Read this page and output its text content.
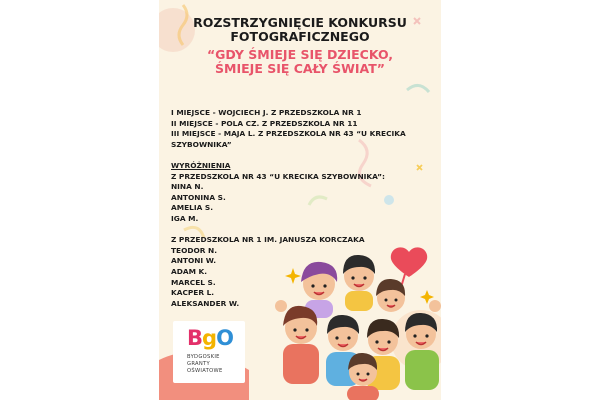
ROZSTRZYGNIĘCIE KONKURSU
FOTOGRAFICZNEGO
“GDY ŚMIEJE SIĘ DZIECKO,
ŚMIEJE SIĘ CAŁY ŚWIAT”
I MIEJSCE - WOJCIECH J. Z PRZEDSZKOLA NR 1
II MIEJSCE - POLA CZ. Z PRZEDSZKOLA NR 11
III MIEJSCE - MAJA L. Z PRZEDSZKOLA NR 43 “U KRECIKA SZYBOWNIKA”
WYRÓŻNIENIA
Z PRZEDSZKOLA NR 43 “U KRECIKA SZYBOWNIKA”:
NINA N.
ANTONINA S.
AMELIA S.
IGA M.
Z PRZEDSZKOLA NR 1 IM. JANUSZA KORCZAKA
TEODOR N.
ANTONI W.
ADAM K.
MARCEL S.
KACPER L.
ALEKSANDER W.
BgO
BYDGOSKIE
GRANTY
OŚWIATOWE
